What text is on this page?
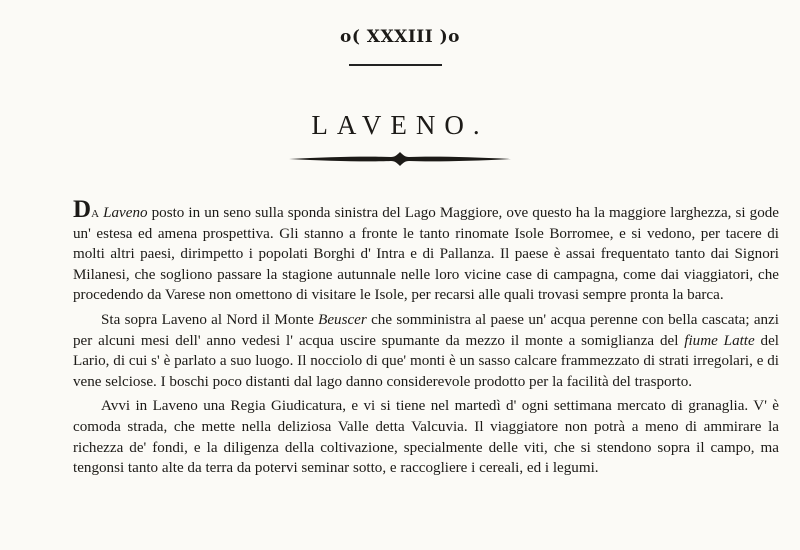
o( XXXIII )o
LAVENO.

Da Laveno posto in un seno sulla sponda sinistra del Lago Maggiore, ove questo ha la maggiore larghezza, si gode un' estesa ed amena prospettiva. Gli stanno a fronte le tanto rinomate Isole Borromee, e si vedono, per tacere di molti altri paesi, dirimpetto i popolati Borghi d' Intra e di Pallanza. Il paese è assai frequentato tanto dai Signori Milanesi, che sogliono passare la stagione autunnale nelle loro vicine case di campagna, come dai viaggiatori, che procedendo da Varese non omettono di visitare le Isole, per recarsi alle quali trovasi sempre pronta la barca.

Sta sopra Laveno al Nord il Monte Beuscer che somministra al paese un' acqua perenne con bella cascata; anzi per alcuni mesi dell' anno vedesi l' acqua uscire spumante da mezzo il monte a somiglianza del fiume Latte del Lario, di cui s' è parlato a suo luogo. Il nocciolo di que' monti è un sasso calcare frammezzato di strati irregolari, e di vene selciose. I boschi poco distanti dal lago danno considerevole prodotto per la facilità del trasporto.

Avvi in Laveno una Regia Giudicatura, e vi si tiene nel martedì d' ogni settimana mercato di granaglia. V' è comoda strada, che mette nella deliziosa Valle detta Valcuvia. Il viaggiatore non potrà a meno di ammirare la richezza de' fondi, e la diligenza della coltivazione, specialmente delle viti, che si stendono sopra il campo, ma tengonsi tanto alte da terra da potervi seminar sotto, e raccogliere i cereali, ed i legumi.
